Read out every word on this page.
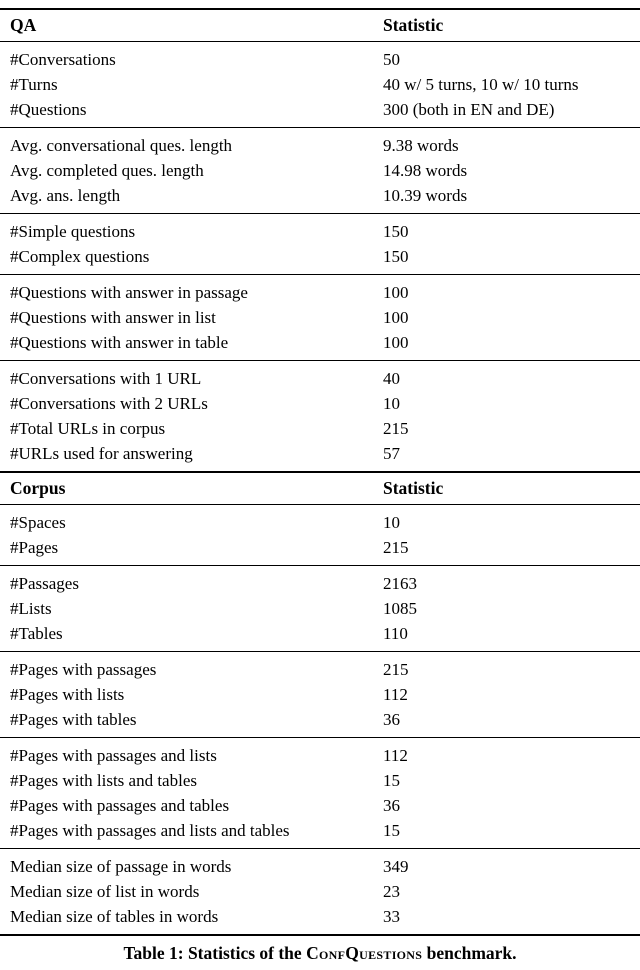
QA	Statistic
#Conversations	50
#Turns	40 w/ 5 turns, 10 w/ 10 turns
#Questions	300 (both in EN and DE)
Avg. conversational ques. length	9.38 words
Avg. completed ques. length	14.98 words
Avg. ans. length	10.39 words
#Simple questions	150
#Complex questions	150
#Questions with answer in passage	100
#Questions with answer in list	100
#Questions with answer in table	100
#Conversations with 1 URL	40
#Conversations with 2 URLs	10
#Total URLs in corpus	215
#URLs used for answering	57
Corpus	Statistic
#Spaces	10
#Pages	215
#Passages	2163
#Lists	1085
#Tables	110
#Pages with passages	215
#Pages with lists	112
#Pages with tables	36
#Pages with passages and lists	112
#Pages with lists and tables	15
#Pages with passages and tables	36
#Pages with passages and lists and tables	15
Median size of passage in words	349
Median size of list in words	23
Median size of tables in words	33
Table 1: Statistics of the ConfQuestions benchmark.
